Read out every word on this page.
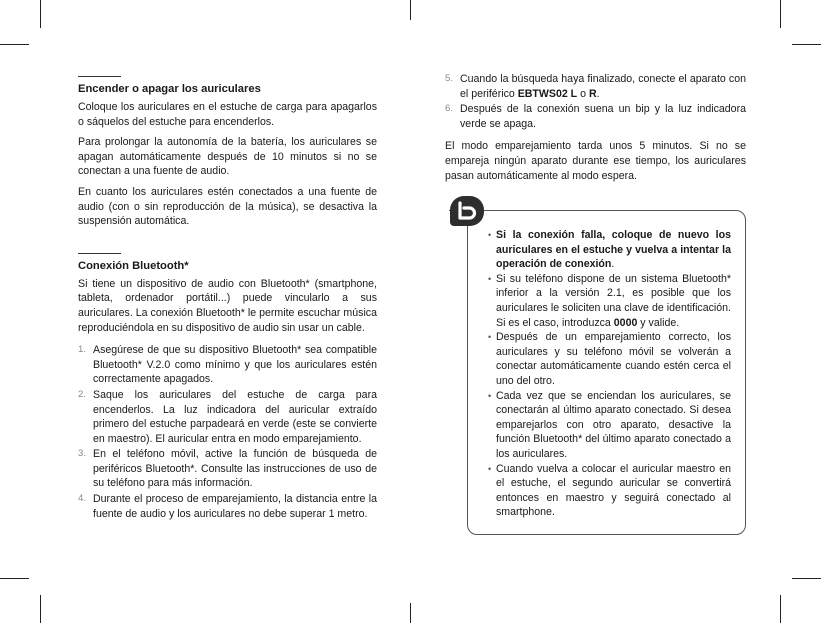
Encender o apagar los auriculares

Coloque los auriculares en el estuche de carga para apagarlos o sáquelos del estuche para encenderlos.

Para prolongar la autonomía de la batería, los auriculares se apagan automáticamente después de 10 minutos si no se conectan a una fuente de audio.

En cuanto los auriculares estén conectados a una fuente de audio (con o sin reproducción de la música), se desactiva la suspensión automática.

Conexión Bluetooth*

Si tiene un dispositivo de audio con Bluetooth* (smartphone, tableta, ordenador portátil...) puede vincularlo a sus auriculares. La conexión Bluetooth* le permite escuchar música reproduciéndola en su dispositivo de audio sin usar un cable.

1. Asegúrese de que su dispositivo Bluetooth* sea compatible Bluetooth* V.2.0 como mínimo y que los auriculares estén correctamente apagados.
2. Saque los auriculares del estuche de carga para encenderlos. La luz indicadora del auricular extraído primero del estuche parpadeará en verde (este se convierte en maestro). El auricular entra en modo emparejamiento.
3. En el teléfono móvil, active la función de búsqueda de periféricos Bluetooth*. Consulte las instrucciones de uso de su teléfono para más información.
4. Durante el proceso de emparejamiento, la distancia entre la fuente de audio y los auriculares no debe superar 1 metro.
5. Cuando la búsqueda haya finalizado, conecte el aparato con el periférico EBTWS02 L o R.
6. Después de la conexión suena un bip y la luz indicadora verde se apaga.

El modo emparejamiento tarda unos 5 minutos. Si no se empareja ningún aparato durante ese tiempo, los auriculares pasan automáticamente al modo espera.

• Si la conexión falla, coloque de nuevo los auriculares en el estuche y vuelva a intentar la operación de conexión.
• Si su teléfono dispone de un sistema Bluetooth* inferior a la versión 2.1, es posible que los auriculares le soliciten una clave de identificación. Si es el caso, introduzca 0000 y valide.
• Después de un emparejamiento correcto, los auriculares y su teléfono móvil se volverán a conectar automáticamente cuando estén cerca el uno del otro.
• Cada vez que se enciendan los auriculares, se conectarán al último aparato conectado. Si desea emparejarlos con otro aparato, desactive la función Bluetooth* del último aparato conectado a los auriculares.
• Cuando vuelva a colocar el auricular maestro en el estuche, el segundo auricular se convertirá entonces en maestro y seguirá conectado al smartphone.
